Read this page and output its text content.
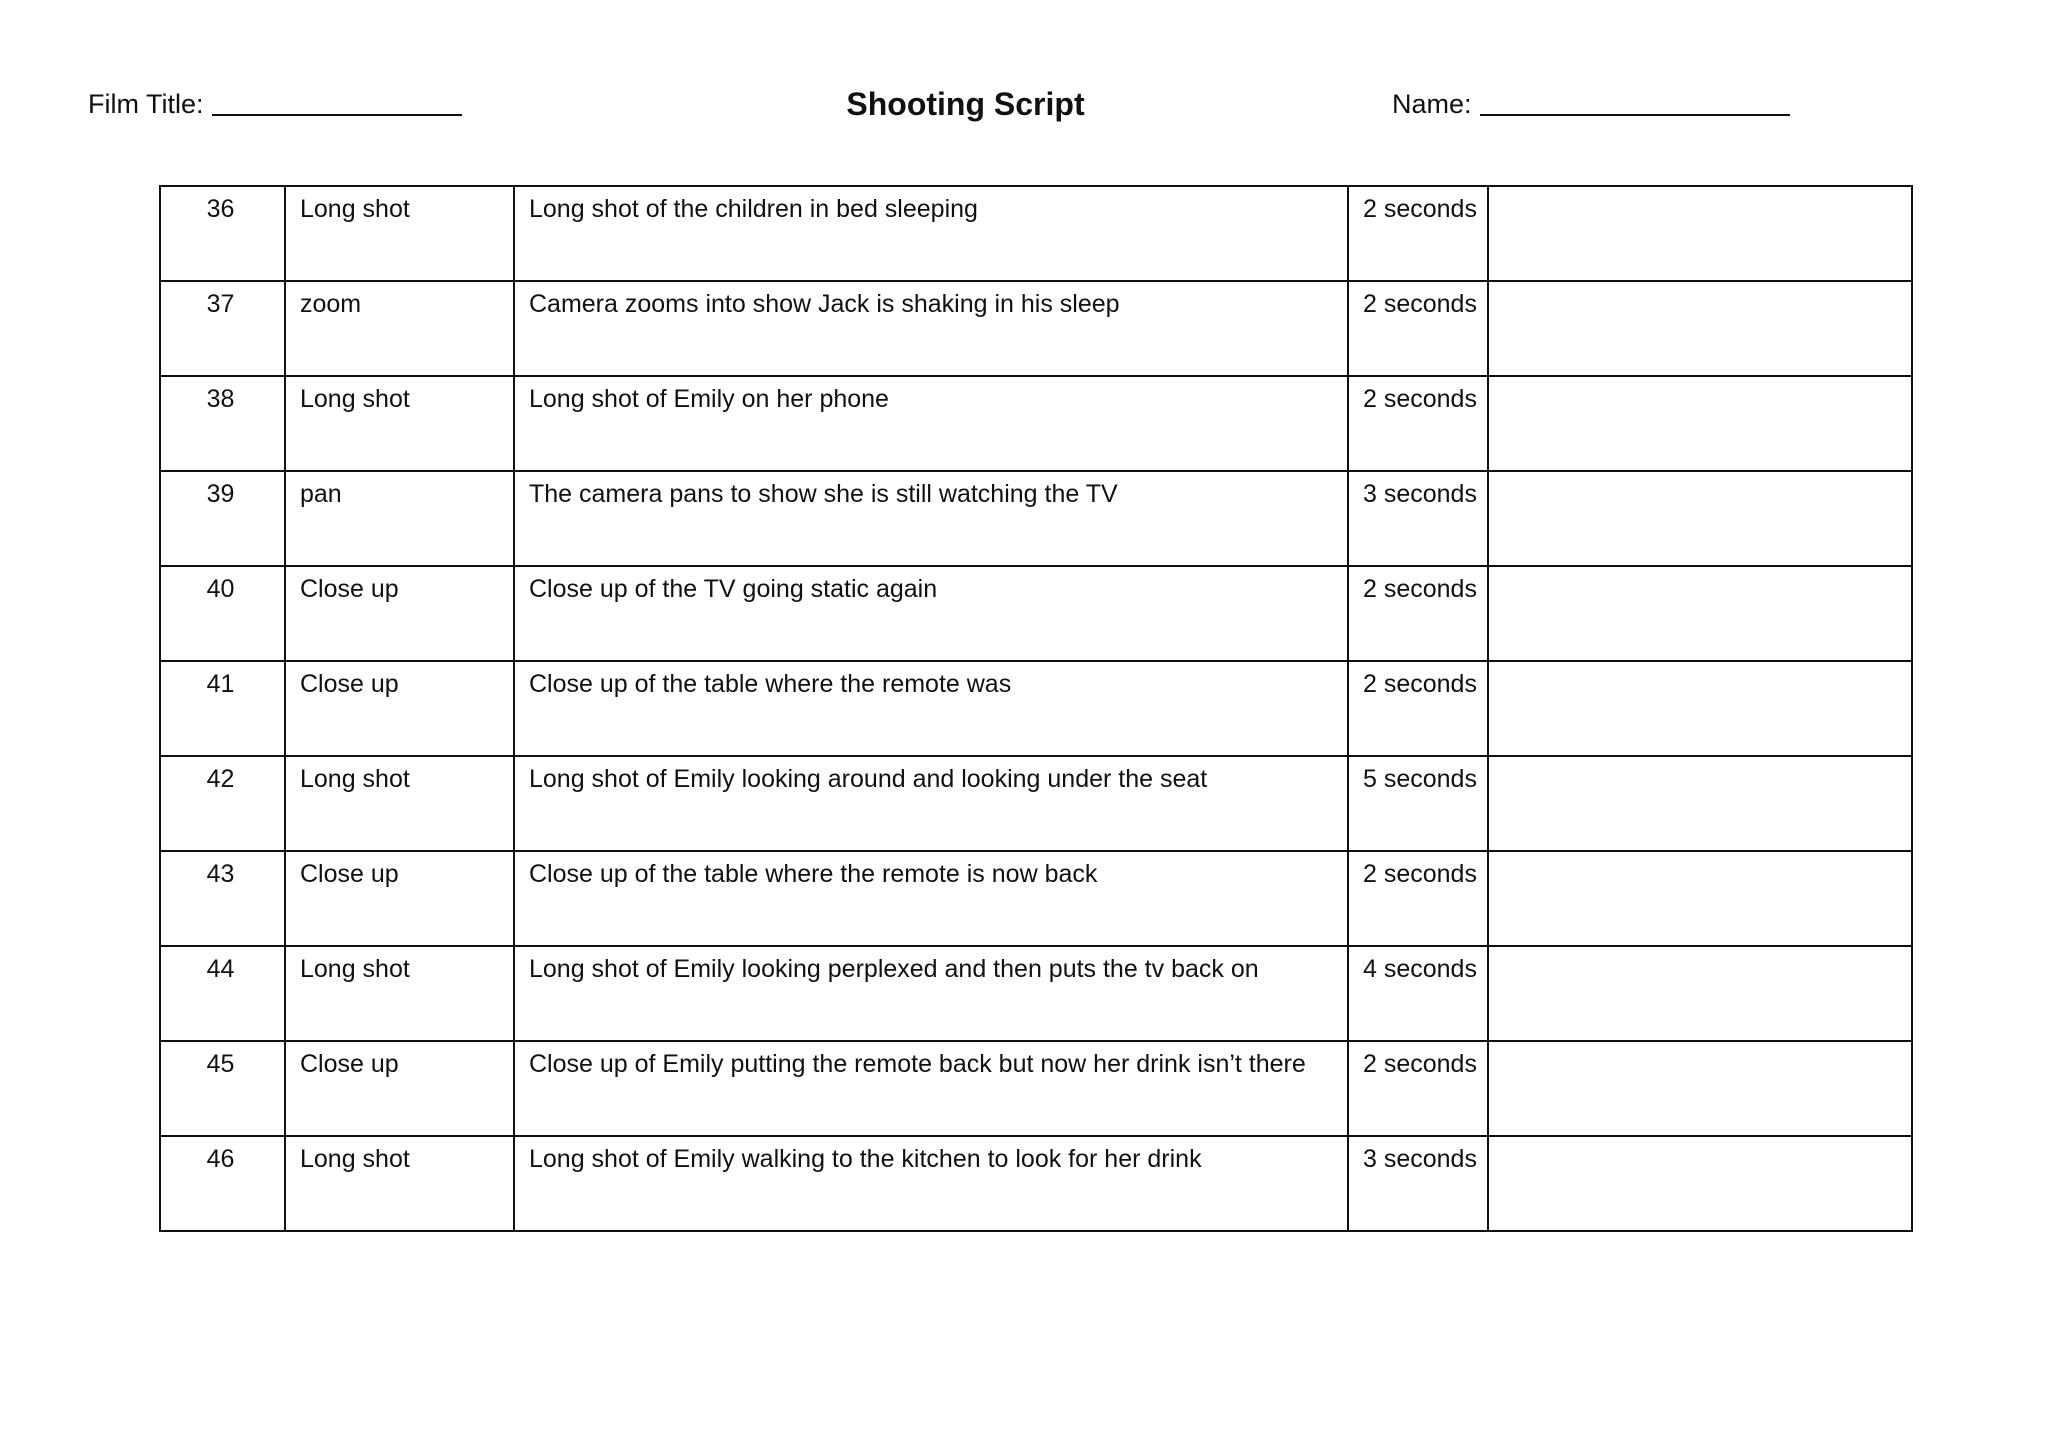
Film Title:	Shooting Script	Name:
36	Long shot	Long shot of the children in bed sleeping	2 seconds	
37	zoom	Camera zooms into show Jack is shaking in his sleep	2 seconds	
38	Long shot	Long shot of Emily on her phone	2 seconds	
39	pan	The camera pans to show she is still watching the TV	3 seconds	
40	Close up	Close up of the TV going static again	2 seconds	
41	Close up	Close up of the table where the remote was	2 seconds	
42	Long shot	Long shot of Emily looking around and looking under the seat	5 seconds	
43	Close up	Close up of the table where the remote is now back	2 seconds	
44	Long shot	Long shot of Emily looking perplexed and then puts the tv back on	4 seconds	
45	Close up	Close up of Emily putting the remote back but now her drink isn’t there	2 seconds	
46	Long shot	Long shot of Emily walking to the kitchen to look for her drink	3 seconds	
